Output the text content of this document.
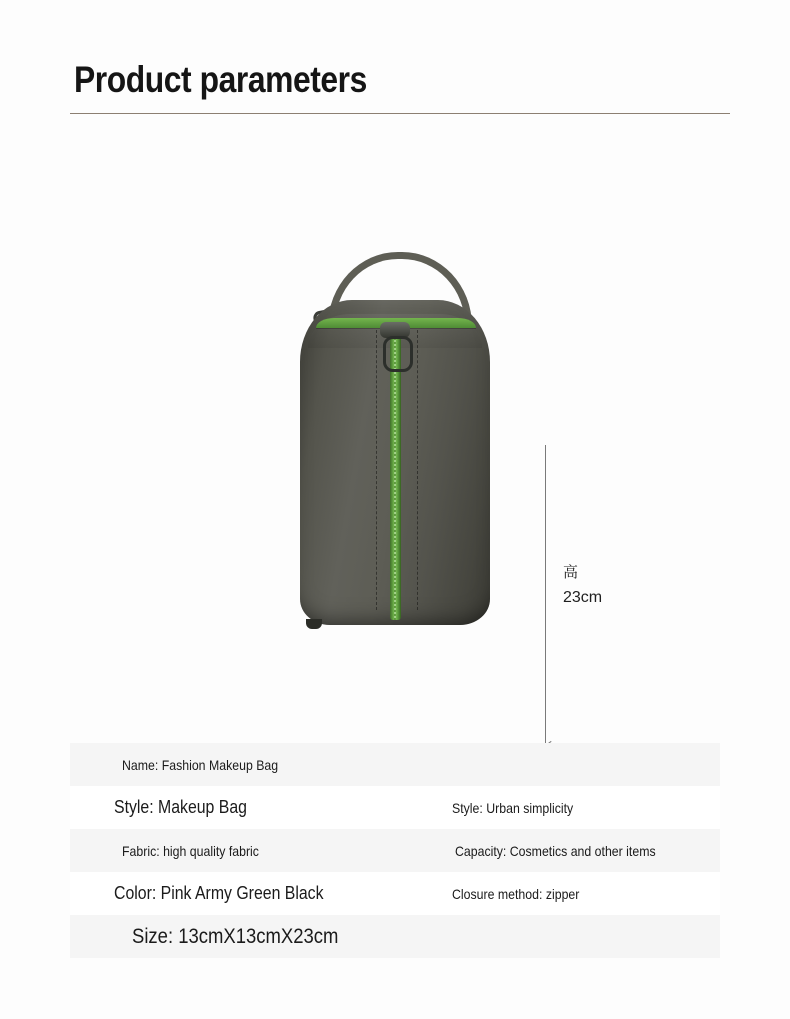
Product parameters
高
23cm
Name: Fashion Makeup Bag
Style: Makeup Bag	Style: Urban simplicity
Fabric: high quality fabric	Capacity: Cosmetics and other items
Color: Pink Army Green Black	Closure method: zipper
Size: 13cmX13cmX23cm
